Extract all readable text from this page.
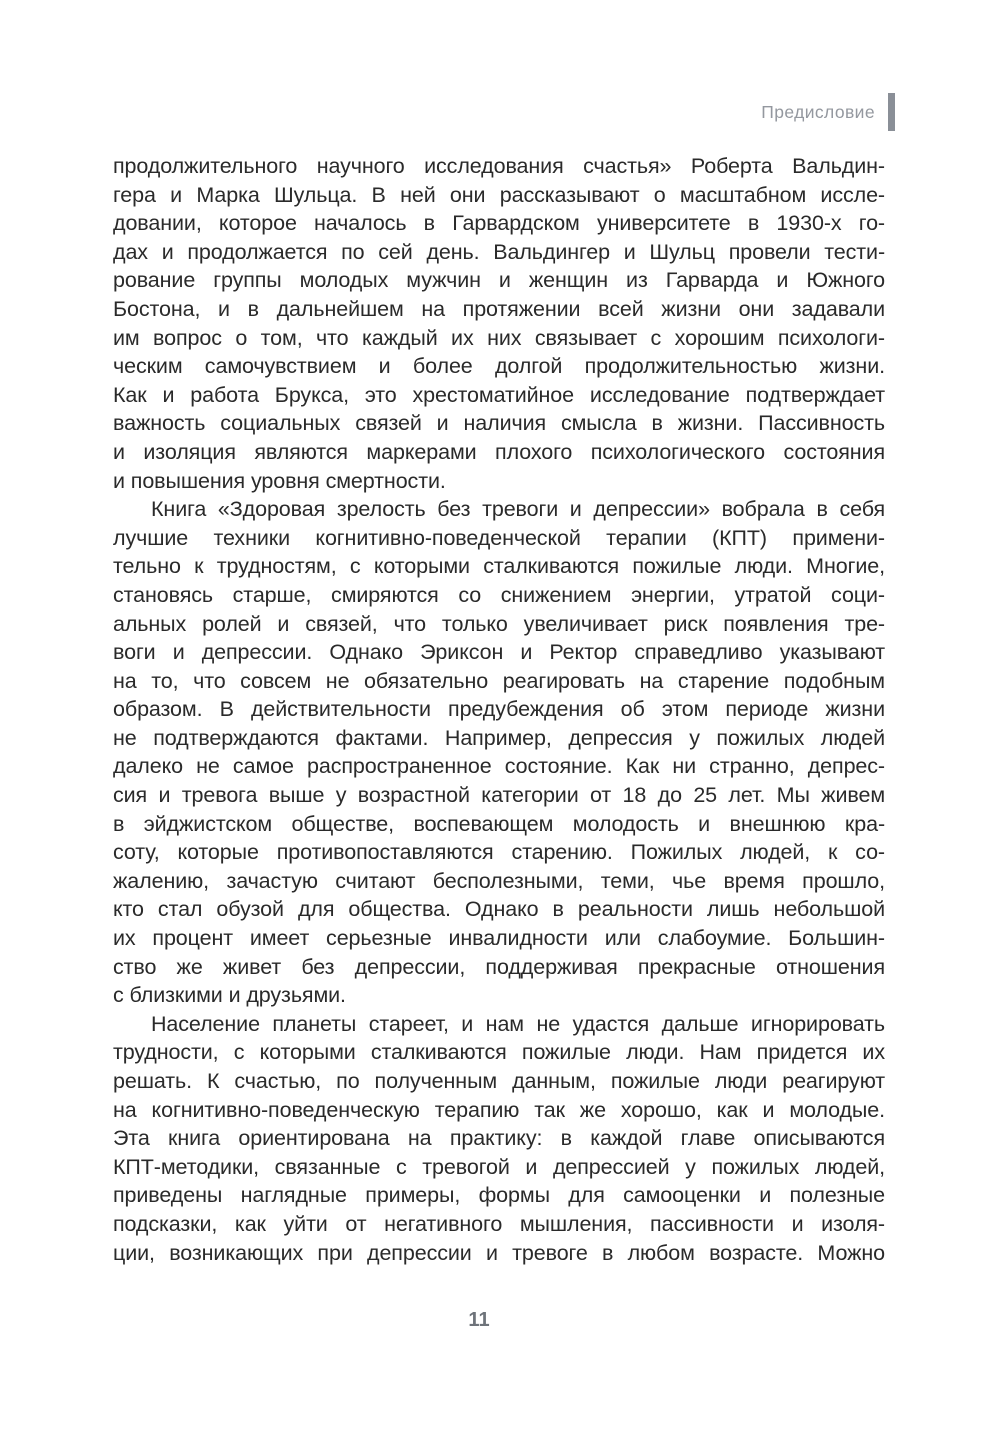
Предисловие
продолжительного научного исследования счастья» Роберта Вальдин-
гера и Марка Шульца. В ней они рассказывают о масштабном иссле-
довании, которое началось в Гарвардском университете в 1930-х го-
дах и продолжается по сей день. Вальдингер и Шульц провели тести-
рование группы молодых мужчин и женщин из Гарварда и Южного
Бостона, и в дальнейшем на протяжении всей жизни они задавали
им вопрос о том, что каждый их них связывает с хорошим психологи-
ческим самочувствием и более долгой продолжительностью жизни.
Как и работа Брукса, это хрестоматийное исследование подтверждает
важность социальных связей и наличия смысла в жизни. Пассивность
и изоляция являются маркерами плохого психологического состояния
и повышения уровня смертности.
Книга «Здоровая зрелость без тревоги и депрессии» вобрала в себя
лучшие техники когнитивно-поведенческой терапии (КПТ) примени-
тельно к трудностям, с которыми сталкиваются пожилые люди. Многие,
становясь старше, смиряются со снижением энергии, утратой соци-
альных ролей и связей, что только увеличивает риск появления тре-
воги и депрессии. Однако Эриксон и Ректор справедливо указывают
на то, что совсем не обязательно реагировать на старение подобным
образом. В действительности предубеждения об этом периоде жизни
не подтверждаются фактами. Например, депрессия у пожилых людей
далеко не самое распространенное состояние. Как ни странно, депрес-
сия и тревога выше у возрастной категории от 18 до 25 лет. Мы живем
в эйджистском обществе, воспевающем молодость и внешнюю кра-
соту, которые противопоставляются старению. Пожилых людей, к со-
жалению, зачастую считают бесполезными, теми, чье время прошло,
кто стал обузой для общества. Однако в реальности лишь небольшой
их процент имеет серьезные инвалидности или слабоумие. Большин-
ство же живет без депрессии, поддерживая прекрасные отношения
с близкими и друзьями.
Население планеты стареет, и нам не удастся дальше игнорировать
трудности, с которыми сталкиваются пожилые люди. Нам придется их
решать. К счастью, по полученным данным, пожилые люди реагируют
на когнитивно-поведенческую терапию так же хорошо, как и молодые.
Эта книга ориентирована на практику: в каждой главе описываются
КПТ-методики, связанные с тревогой и депрессией у пожилых людей,
приведены наглядные примеры, формы для самооценки и полезные
подсказки, как уйти от негативного мышления, пассивности и изоля-
ции, возникающих при депрессии и тревоге в любом возрасте. Можно
11
